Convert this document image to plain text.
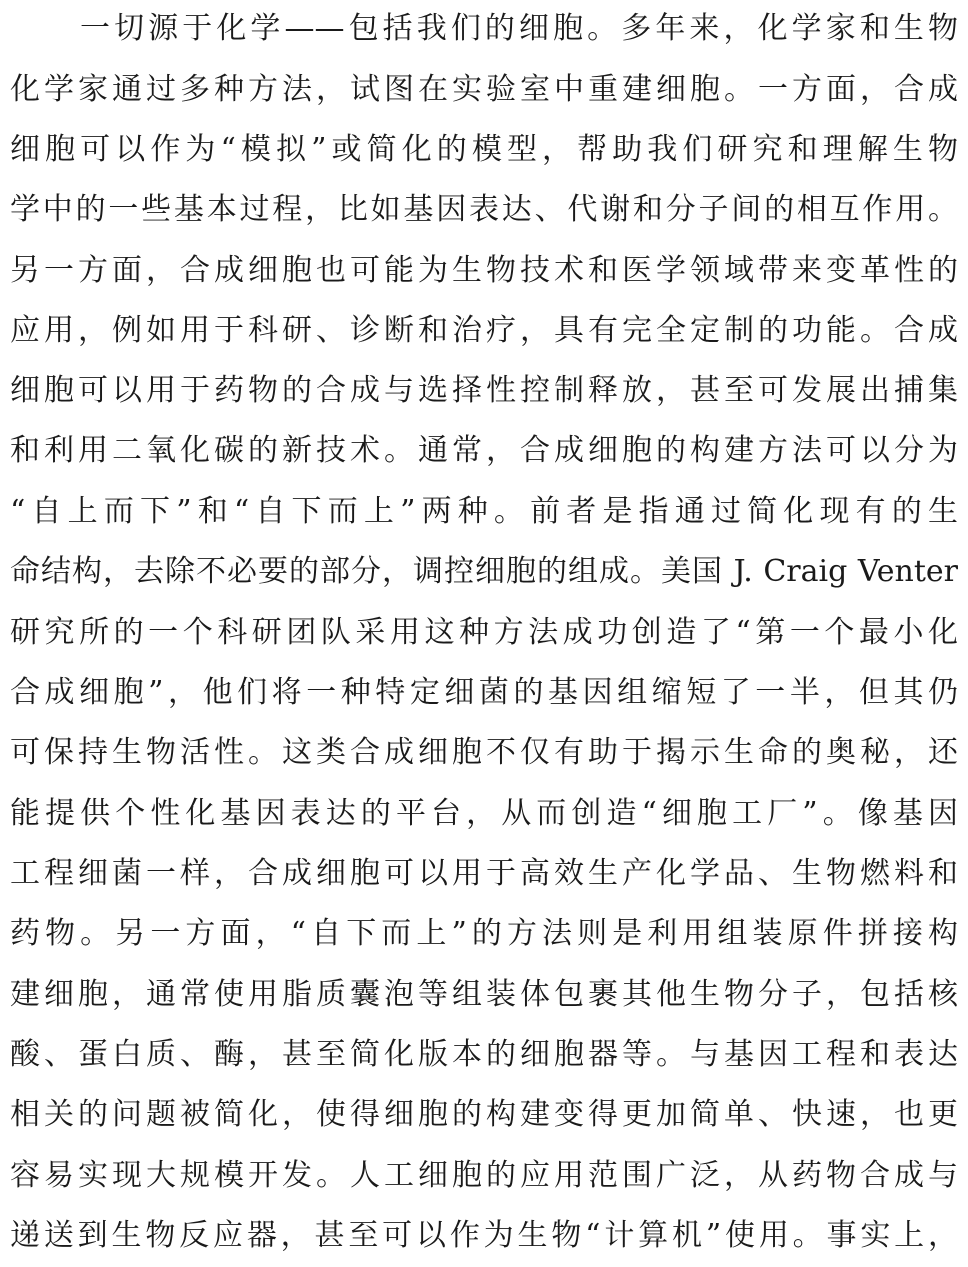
一切源于化学——包括我们的细胞。多年来，化学家和生物
化学家通过多种方法，试图在实验室中重建细胞。一方面，合成
细胞可以作为“模拟”或简化的模型，帮助我们研究和理解生物
学中的一些基本过程，比如基因表达、代谢和分子间的相互作用。
另一方面，合成细胞也可能为生物技术和医学领域带来变革性的
应用，例如用于科研、诊断和治疗，具有完全定制的功能。合成
细胞可以用于药物的合成与选择性控制释放，甚至可发展出捕集
和利用二氧化碳的新技术。通常，合成细胞的构建方法可以分为
“自上而下”和“自下而上”两种。前者是指通过简化现有的生
命结构，去除不必要的部分，调控细胞的组成。美国 J. Craig Venter
研究所的一个科研团队采用这种方法成功创造了“第一个最小化
合成细胞”，他们将一种特定细菌的基因组缩短了一半，但其仍
可保持生物活性。这类合成细胞不仅有助于揭示生命的奥秘，还
能提供个性化基因表达的平台，从而创造“细胞工厂”。像基因
工程细菌一样，合成细胞可以用于高效生产化学品、生物燃料和
药物。另一方面，“自下而上”的方法则是利用组装原件拼接构
建细胞，通常使用脂质囊泡等组装体包裹其他生物分子，包括核
酸、蛋白质、酶，甚至简化版本的细胞器等。与基因工程和表达
相关的问题被简化，使得细胞的构建变得更加简单、快速，也更
容易实现大规模开发。人工细胞的应用范围广泛，从药物合成与
递送到生物反应器，甚至可以作为生物“计算机”使用。事实上，
